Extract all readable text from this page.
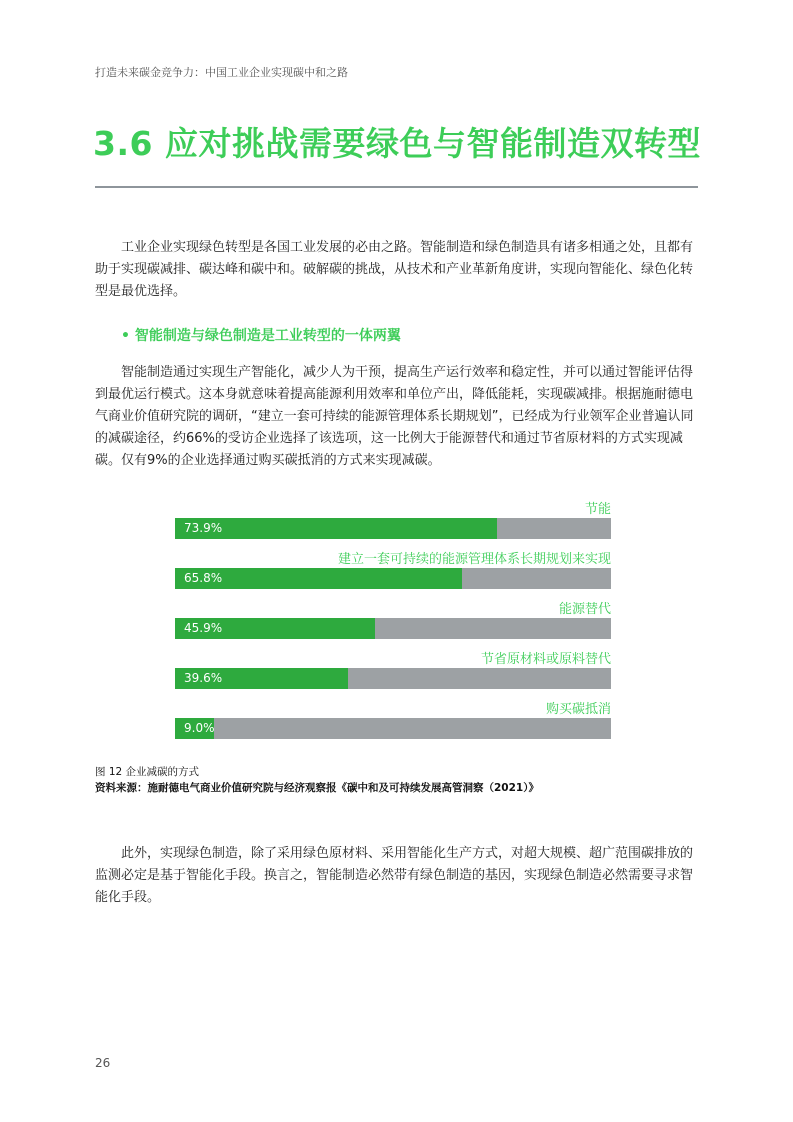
打造未来碳金竞争力：中国工业企业实现碳中和之路
3.6 应对挑战需要绿色与智能制造双转型
工业企业实现绿色转型是各国工业发展的必由之路。智能制造和绿色制造具有诸多相通之处，且都有助于实现碳减排、碳达峰和碳中和。破解碳的挑战，从技术和产业革新角度讲，实现向智能化、绿色化转型是最优选择。
• 智能制造与绿色制造是工业转型的一体两翼
智能制造通过实现生产智能化，减少人为干预，提高生产运行效率和稳定性，并可以通过智能评估得到最优运行模式。这本身就意味着提高能源利用效率和单位产出，降低能耗，实现碳减排。根据施耐德电气商业价值研究院的调研，“建立一套可持续的能源管理体系长期规划”，已经成为行业领军企业普遍认同的减碳途径，约66%的受访企业选择了该选项，这一比例大于能源替代和通过节省原材料的方式实现减碳。仅有9%的企业选择通过购买碳抵消的方式来实现减碳。
节能
73.9%
建立一套可持续的能源管理体系长期规划来实现
65.8%
能源替代
45.9%
节省原材料或原料替代
39.6%
购买碳抵消
9.0%
图 12 企业减碳的方式
资料来源：施耐德电气商业价值研究院与经济观察报《碳中和及可持续发展高管洞察（2021）》
此外，实现绿色制造，除了采用绿色原材料、采用智能化生产方式，对超大规模、超广范围碳排放的监测必定是基于智能化手段。换言之，智能制造必然带有绿色制造的基因，实现绿色制造必然需要寻求智能化手段。
26
